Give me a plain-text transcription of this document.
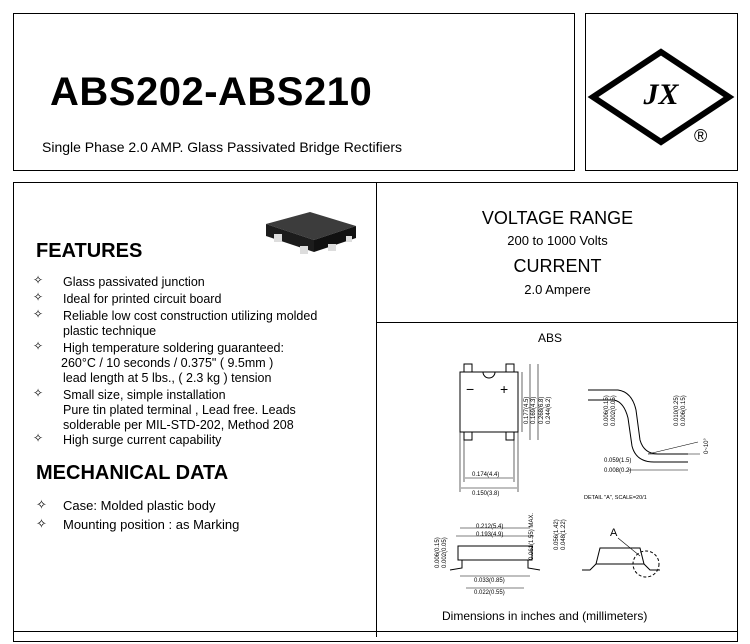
ABS202-ABS210
Single Phase 2.0 AMP. Glass Passivated Bridge Rectifiers
JX
®
FEATURES
✧ Glass passivated junction
✧ Ideal for printed circuit board
✧ Reliable low cost construction utilizing molded
plastic technique
✧ High temperature soldering guaranteed:
260°C / 10 seconds / 0.375" ( 9.5mm )
lead length at 5 lbs., ( 2.3 kg ) tension
✧ Small size, simple installation
Pure tin plated terminal , Lead free. Leads
solderable per MIL-STD-202, Method 208
✧ High surge current capability
MECHANICAL DATA
✧ Case: Molded plastic body
✧ Mounting position : as Marking
VOLTAGE RANGE
200 to 1000 Volts
CURRENT
2.0 Ampere
ABS
− +
0.174(4.4)
0.150(3.8)
0.177(4.5) 0.169(4.3) 0.268(6.8) 0.244(6.2)	0.006(0.15) 0.002(0.05)	0.010(0.25) 0.006(0.15)
0.059(1.5)
0.008(0.2)
0~10°
DETAIL "A", SCALE=20/1
0.006(0.15) 0.002(0.05)
0.212(5.4)
0.193(4.9)	0.061(1.55) MAX.	0.056(1.42) 0.048(1.22)
0.033(0.85)
0.022(0.55)
A
Dimensions in inches and (millimeters)
